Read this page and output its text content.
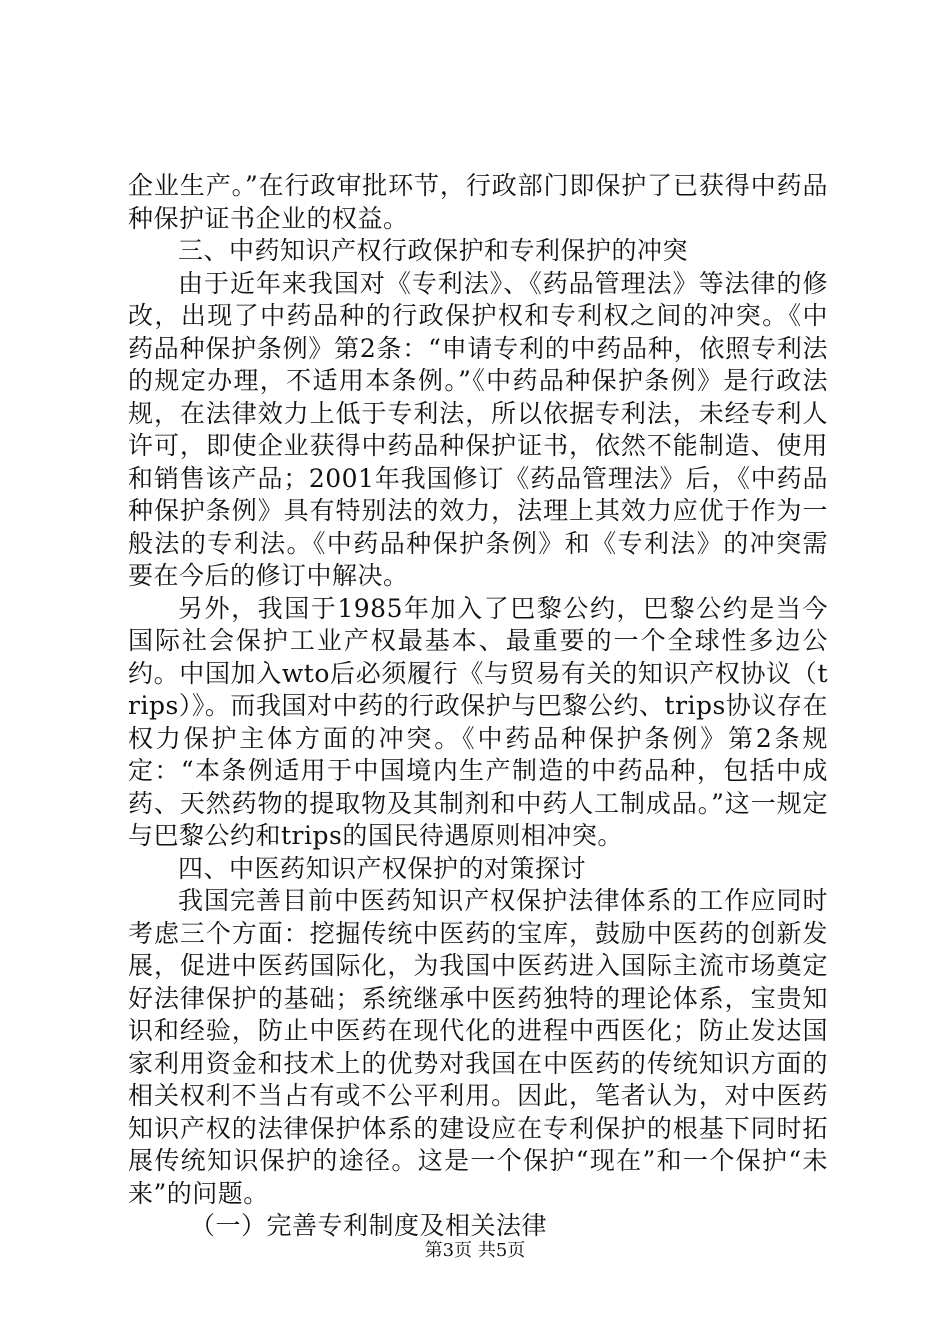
企业生产。”在行政审批环节，行政部门即保护了已获得中药品种保护证书企业的权益。

三、中药知识产权行政保护和专利保护的冲突

由于近年来我国对《专利法》、《药品管理法》等法律的修改，出现了中药品种的行政保护权和专利权之间的冲突。《中药品种保护条例》第2条：“申请专利的中药品种，依照专利法的规定办理，不适用本条例。”《中药品种保护条例》是行政法规，在法律效力上低于专利法，所以依据专利法，未经专利人许可，即使企业获得中药品种保护证书，依然不能制造、使用和销售该产品；2001年我国修订《药品管理法》后，《中药品种保护条例》具有特别法的效力，法理上其效力应优于作为一般法的专利法。《中药品种保护条例》和《专利法》的冲突需要在今后的修订中解决。

另外，我国于1985年加入了巴黎公约，巴黎公约是当今国际社会保护工业产权最基本、最重要的一个全球性多边公约。中国加入wto后必须履行《与贸易有关的知识产权协议（trips）》。而我国对中药的行政保护与巴黎公约、trips协议存在权力保护主体方面的冲突。《中药品种保护条例》第2条规定：“本条例适用于中国境内生产制造的中药品种，包括中成药、天然药物的提取物及其制剂和中药人工制成品。”这一规定与巴黎公约和trips的国民待遇原则相冲突。

四、中医药知识产权保护的对策探讨

我国完善目前中医药知识产权保护法律体系的工作应同时考虑三个方面：挖掘传统中医药的宝库，鼓励中医药的创新发展，促进中医药国际化，为我国中医药进入国际主流市场奠定好法律保护的基础；系统继承中医药独特的理论体系，宝贵知识和经验，防止中医药在现代化的进程中西医化；防止发达国家利用资金和技术上的优势对我国在中医药的传统知识方面的相关权利不当占有或不公平利用。因此，笔者认为，对中医药知识产权的法律保护体系的建设应在专利保护的根基下同时拓展传统知识保护的途径。这是一个保护“现在”和一个保护“未来”的问题。

（一）完善专利制度及相关法律

第3页 共5页
